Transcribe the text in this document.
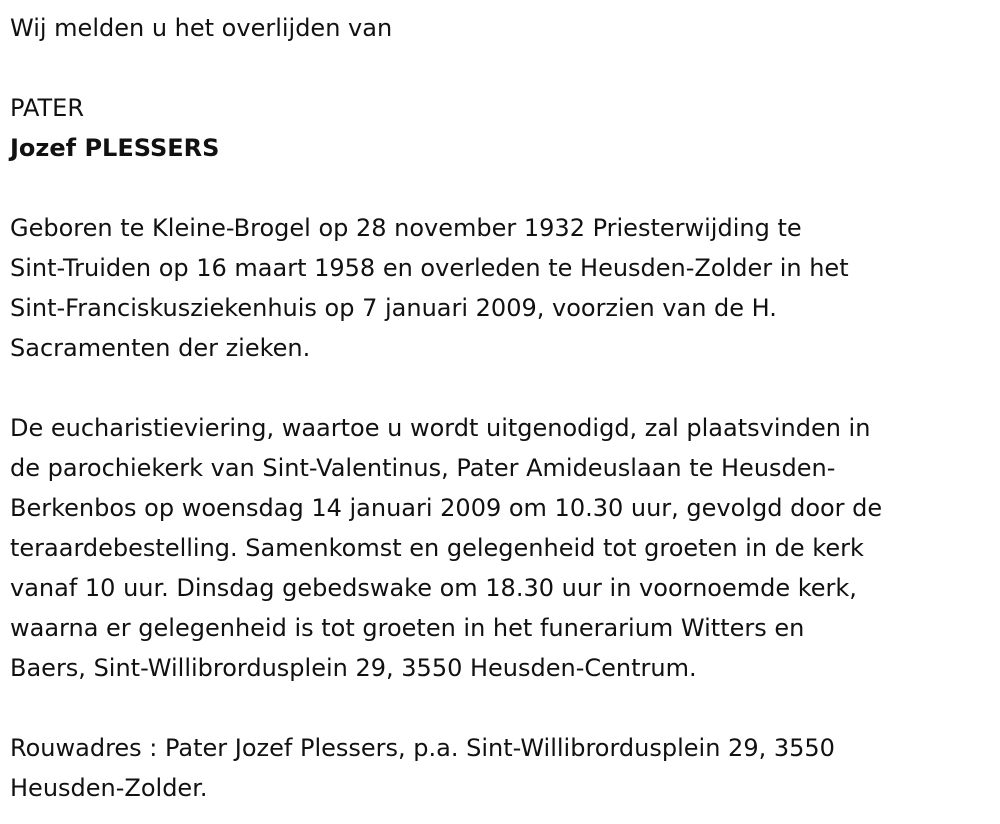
Wij melden u het overlijden van
PATER
Jozef PLESSERS
Geboren te Kleine-Brogel op 28 november 1932 Priesterwijding te
Sint-Truiden op 16 maart 1958 en overleden te Heusden-Zolder in het
Sint-Franciskusziekenhuis op 7 januari 2009, voorzien van de H.
Sacramenten der zieken.
De eucharistieviering, waartoe u wordt uitgenodigd, zal plaatsvinden in
de parochiekerk van Sint-Valentinus, Pater Amideuslaan te Heusden-
Berkenbos op woensdag 14 januari 2009 om 10.30 uur, gevolgd door de
teraardebestelling. Samenkomst en gelegenheid tot groeten in de kerk
vanaf 10 uur. Dinsdag gebedswake om 18.30 uur in voornoemde kerk,
waarna er gelegenheid is tot groeten in het funerarium Witters en
Baers, Sint-Willibrordusplein 29, 3550 Heusden-Centrum.
Rouwadres : Pater Jozef Plessers, p.a. Sint-Willibrordusplein 29, 3550
Heusden-Zolder.
